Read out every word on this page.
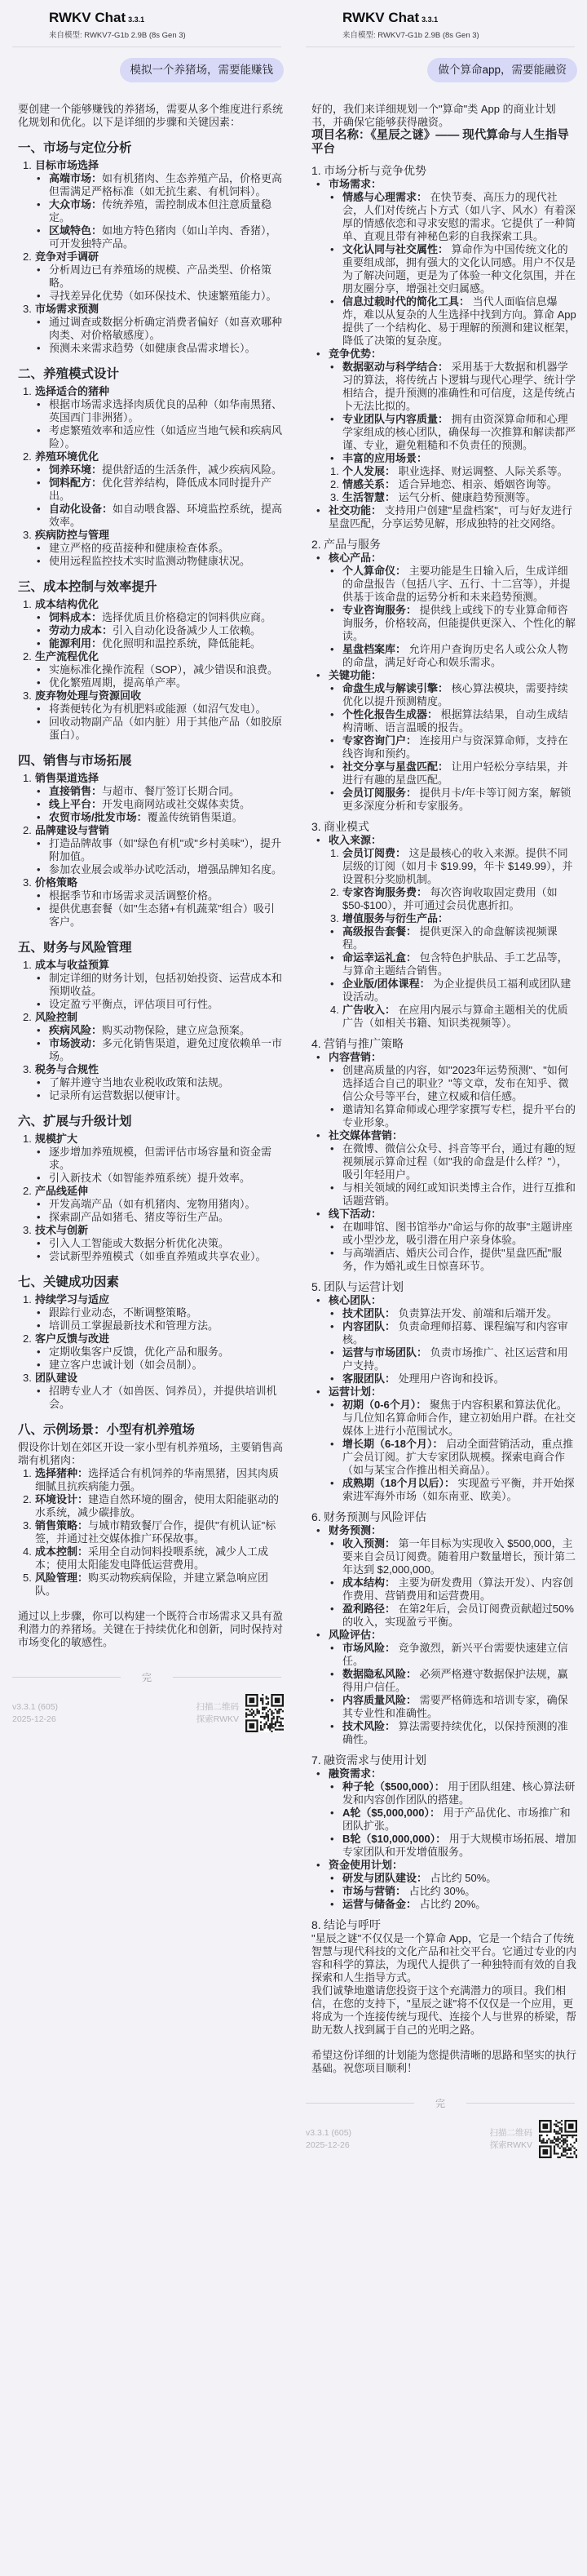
RWKV Chat 3.3.1
来自模型: RWKV7-G1b 2.9B (8s Gen 3)
模拟一个养猪场，需要能赚钱
要创建一个能够赚钱的养猪场，需要从多个维度进行系统化规划和优化。以下是详细的步骤和关键因素：
一、市场与定位分析
1. 目标市场选择
• 高端市场：如有机猪肉、生态养殖产品，价格更高但需满足严格标准（如无抗生素、有机饲料）。
• 大众市场：传统养殖，需控制成本但注意质量稳定。
• 区域特色：如地方特色猪肉（如山羊肉、香猪），可开发独特产品。
2. 竞争对手调研
• 分析周边已有养殖场的规模、产品类型、价格策略。
• 寻找差异化优势（如环保技术、快速繁殖能力）。
3. 市场需求预测
• 通过调查或数据分析确定消费者偏好（如喜欢哪种肉类、对价格敏感度）。
• 预测未来需求趋势（如健康食品需求增长）。
二、养殖模式设计
1. 选择适合的猪种
• 根据市场需求选择肉质优良的品种（如华南黑猪、英国西门非洲猪）。
• 考虑繁殖效率和适应性（如适应当地气候和疾病风险）。
2. 养殖环境优化
• 饲养环境：提供舒适的生活条件，减少疾病风险。
• 饲料配方：优化营养结构，降低成本同时提升产出。
• 自动化设备：如自动喂食器、环境监控系统，提高效率。
3. 疾病防控与管理
• 建立严格的疫苗接种和健康检查体系。
• 使用远程监控技术实时监测动物健康状况。
三、成本控制与效率提升
1. 成本结构优化
• 饲料成本：选择优质且价格稳定的饲料供应商。
• 劳动力成本：引入自动化设备减少人工依赖。
• 能源利用：优化照明和温控系统，降低能耗。
2. 生产流程优化
• 实施标准化操作流程（SOP），减少错误和浪费。
• 优化繁殖周期，提高单产率。
3. 废弃物处理与资源回收
• 将粪便转化为有机肥料或能源（如沼气发电）。
• 回收动物副产品（如内脏）用于其他产品（如胶原蛋白）。
四、销售与市场拓展
1. 销售渠道选择
• 直接销售：与超市、餐厅签订长期合同。
• 线上平台：开发电商网站或社交媒体卖货。
• 农贸市场/批发市场：覆盖传统销售渠道。
2. 品牌建设与营销
• 打造品牌故事（如"绿色有机"或"乡村美味"），提升附加值。
• 参加农业展会或举办试吃活动，增强品牌知名度。
3. 价格策略
• 根据季节和市场需求灵活调整价格。
• 提供优惠套餐（如"生态猪+有机蔬菜"组合）吸引客户。
五、财务与风险管理
1. 成本与收益预算
• 制定详细的财务计划，包括初始投资、运营成本和预期收益。
• 设定盈亏平衡点，评估项目可行性。
2. 风险控制
• 疾病风险：购买动物保险，建立应急预案。
• 市场波动：多元化销售渠道，避免过度依赖单一市场。
3. 税务与合规性
• 了解并遵守当地农业税收政策和法规。
• 记录所有运营数据以便审计。
六、扩展与升级计划
1. 规模扩大
• 逐步增加养殖规模，但需评估市场容量和资金需求。
• 引入新技术（如智能养殖系统）提升效率。
2. 产品线延伸
• 开发高端产品（如有机猪肉、宠物用猪肉）。
• 探索副产品如猪毛、猪皮等衍生产品。
3. 技术与创新
• 引入人工智能或大数据分析优化决策。
• 尝试新型养殖模式（如垂直养殖或共享农业）。
七、关键成功因素
1. 持续学习与适应
• 跟踪行业动态，不断调整策略。
• 培训员工掌握最新技术和管理方法。
2. 客户反馈与改进
• 定期收集客户反馈，优化产品和服务。
• 建立客户忠诚计划（如会员制）。
3. 团队建设
• 招聘专业人才（如兽医、饲养员），并提供培训机会。
八、示例场景：小型有机养殖场
假设你计划在郊区开设一家小型有机养殖场，主要销售高端有机猪肉：
1. 选择猪种：选择适合有机饲养的华南黑猪，因其肉质细腻且抗疾病能力强。
2. 环境设计：建造自然环境的圈舍，使用太阳能驱动的水系统，减少碳排放。
3. 销售策略：与城市精致餐厅合作，提供"有机认证"标签，并通过社交媒体推广环保故事。
4. 成本控制：采用全自动饲料投喂系统，减少人工成本；使用太阳能发电降低运营费用。
5. 风险管理：购买动物疾病保险，并建立紧急响应团队。
通过以上步骤，你可以构建一个既符合市场需求又具有盈利潜力的养猪场。关键在于持续优化和创新，同时保持对市场变化的敏感性。
完
v3.3.1 (605)
2025-12-26
扫描二维码
探索RWKV
RWKV Chat 3.3.1
来自模型: RWKV7-G1b 2.9B (8s Gen 3)
做个算命app，需要能融资
好的，我们来详细规划一个"算命"类 App 的商业计划书，并确保它能够获得融资。
项目名称：《星辰之谜》—— 现代算命与人生指导平台
1. 市场分析与竞争优势
• 市场需求：
• 情感与心理需求： 在快节奏、高压力的现代社会，人们对传统占卜方式（如八字、风水）有着深厚的情感依恋和寻求安慰的需求。它提供了一种简单、直观且带有神秘色彩的自我探索工具。
• 文化认同与社交属性： 算命作为中国传统文化的重要组成部，拥有强大的文化认同感。用户不仅是为了解决问题，更是为了体验一种文化氛围，并在朋友圈分享，增强社交归属感。
• 信息过载时代的简化工具： 当代人面临信息爆炸，难以从复杂的人生选择中找到方向。算命 App 提供了一个结构化、易于理解的预测和建议框架，降低了决策的复杂度。
• 竞争优势：
• 数据驱动与科学结合： 采用基于大数据和机器学习的算法，将传统占卜逻辑与现代心理学、统计学相结合，提升预测的准确性和可信度，这是传统占卜无法比拟的。
• 专业团队与内容质量： 拥有由资深算命师和心理学家组成的核心团队，确保每一次推算和解读都严谨、专业，避免粗糙和不负责任的预测。
• 丰富的应用场景：
1. 个人发展： 职业选择、财运调整、人际关系等。
2. 情感关系： 适合异地恋、相亲、婚姻咨询等。
3. 生活智慧： 运气分析、健康趋势预测等。
• 社交功能： 支持用户创建"星盘档案"，可与好友进行星盘匹配，分享运势见解，形成独特的社交网络。
2. 产品与服务
• 核心产品：
• 个人算命仪： 主要功能是生日输入后，生成详细的命盘报告（包括八字、五行、十二宫等），并提供基于该命盘的运势分析和未来趋势预测。
• 专业咨询服务： 提供线上或线下的专业算命师咨询服务，价格较高，但能提供更深入、个性化的解读。
• 星盘档案库： 允许用户查询历史名人或公众人物的命盘，满足好奇心和娱乐需求。
• 关键功能：
• 命盘生成与解读引擎： 核心算法模块，需要持续优化以提升预测精度。
• 个性化报告生成器： 根据算法结果，自动生成结构清晰、语言温暖的报告。
• 专家咨询门户： 连接用户与资深算命师，支持在线咨询和预约。
• 社交分享与星盘匹配： 让用户轻松分享结果，并进行有趣的星盘匹配。
• 会员订阅服务： 提供月卡/年卡等订阅方案，解锁更多深度分析和专家服务。
3. 商业模式
• 收入来源：
1. 会员订阅费： 这是最核心的收入来源。提供不同层级的订阅（如月卡 $19.99，年卡 $149.99），并设置积分奖励机制。
2. 专家咨询服务费： 每次咨询收取固定费用（如 $50-$100），并可通过会员优惠折扣。
3. 增值服务与衍生产品：
• 高级报告套餐： 提供更深入的命盘解读视频课程。
• 命运幸运礼盒： 包含特色护肤品、手工艺品等，与算命主题结合销售。
• 企业版/团体课程： 为企业提供员工福利或团队建设活动。
4. 广告收入： 在应用内展示与算命主题相关的优质广告（如相关书籍、知识类视频等）。
4. 营销与推广策略
• 内容营销：
• 创建高质量的内容，如"2023年运势预测"、"如何选择适合自己的职业？"等文章，发布在知乎、微信公众号等平台，建立权威和信任感。
• 邀请知名算命师或心理学家撰写专栏，提升平台的专业形象。
• 社交媒体营销：
• 在微博、微信公众号、抖音等平台，通过有趣的短视频展示算命过程（如"我的命盘是什么样？"），吸引年轻用户。
• 与相关领域的网红或知识类博主合作，进行互推和话题营销。
• 线下活动：
• 在咖啡馆、图书馆举办"命运与你的故事"主题讲座或小型沙龙，吸引潜在用户亲身体验。
• 与高端酒店、婚庆公司合作，提供"星盘匹配"服务，作为婚礼或生日惊喜环节。
5. 团队与运营计划
• 核心团队：
• 技术团队： 负责算法开发、前端和后端开发。
• 内容团队： 负责命理师招募、课程编写和内容审核。
• 运营与市场团队： 负责市场推广、社区运营和用户支持。
• 客服团队： 处理用户咨询和投诉。
• 运营计划：
• 初期（0-6个月）： 聚焦于内容积累和算法优化。与几位知名算命师合作，建立初始用户群。在社交媒体上进行小范围试水。
• 增长期（6-18个月）： 启动全面营销活动，重点推广会员订阅。扩大专家团队规模。探索电商合作（如与某宝合作推出相关商品）。
• 成熟期（18个月以后）： 实现盈亏平衡，并开始探索进军海外市场（如东南亚、欧美）。
6. 财务预测与风险评估
• 财务预测：
• 收入预测： 第一年目标为实现收入 $500,000，主要来自会员订阅费。随着用户数量增长，预计第二年达到 $2,000,000。
• 成本结构： 主要为研发费用（算法开发）、内容创作费用、营销费用和运营费用。
• 盈利路径： 在第2年后，会员订阅费贡献超过50%的收入，实现盈亏平衡。
• 风险评估：
• 市场风险： 竞争激烈，新兴平台需要快速建立信任。
• 数据隐私风险： 必须严格遵守数据保护法规，赢得用户信任。
• 内容质量风险： 需要严格筛选和培训专家，确保其专业性和准确性。
• 技术风险： 算法需要持续优化，以保持预测的准确性。
7. 融资需求与使用计划
• 融资需求：
• 种子轮（$500,000）： 用于团队组建、核心算法研发和内容创作团队的搭建。
• A轮（$5,000,000）： 用于产品优化、市场推广和团队扩张。
• B轮（$10,000,000）： 用于大规模市场拓展、增加专家团队和开发增值服务。
• 资金使用计划：
• 研发与团队建设： 占比约 50%。
• 市场与营销： 占比约 30%。
• 运营与储备金： 占比约 20%。
8. 结论与呼吁
"星辰之谜"不仅仅是一个算命 App，它是一个结合了传统智慧与现代科技的文化产品和社交平台。它通过专业的内容和科学的算法，为现代人提供了一种独特而有效的自我探索和人生指导方式。
我们诚挚地邀请您投资于这个充满潜力的项目。我们相信，在您的支持下，"星辰之谜"将不仅仅是一个应用，更将成为一个连接传统与现代、连接个人与世界的桥梁，帮助无数人找到属于自己的光明之路。
希望这份详细的计划能为您提供清晰的思路和坚实的执行基础。祝您项目顺利！
完
v3.3.1 (605)
2025-12-26
扫描二维码
探索RWKV
